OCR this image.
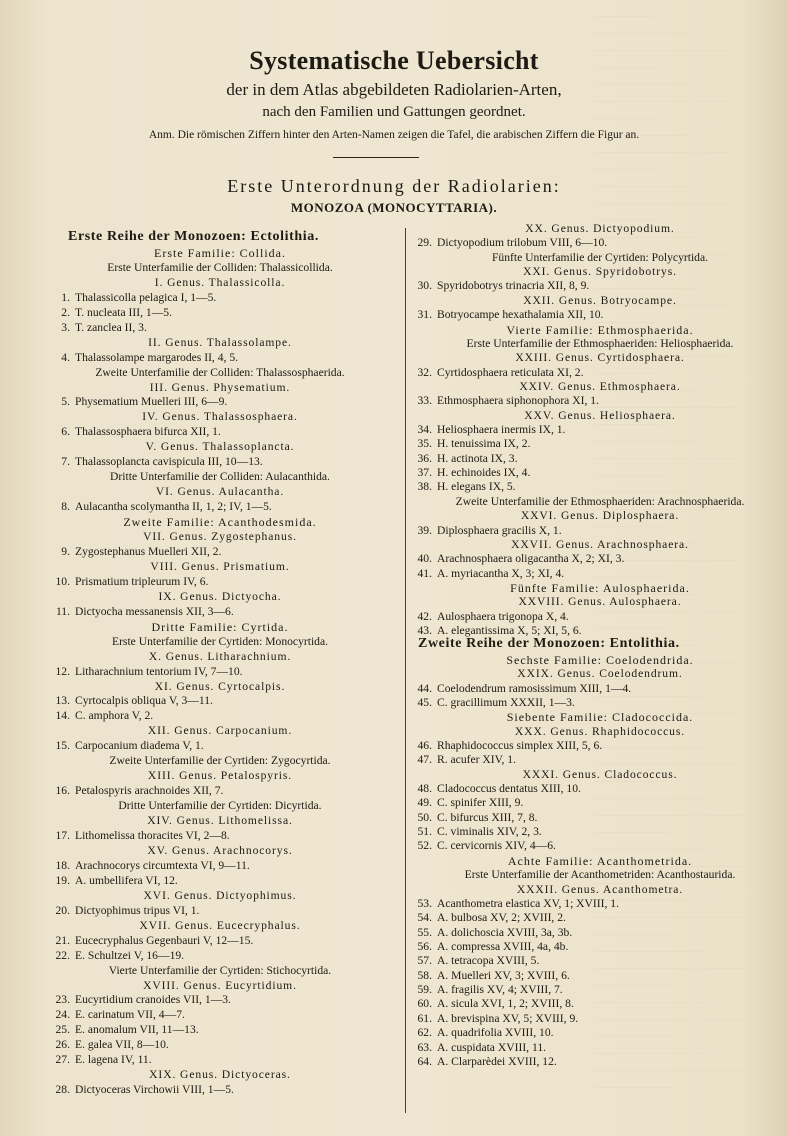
Systematische Uebersicht
der in dem Atlas abgebildeten Radiolarien-Arten,
nach den Familien und Gattungen geordnet.
Anm. Die römischen Ziffern hinter den Arten-Namen zeigen die Tafel, die arabischen Ziffern die Figur an.
Erste Unterordnung der Radiolarien:
MONOZOA (MONOCYTTARIA).
Erste Reihe der Monozoen: Ectolithia.
Erste Familie: Collida.
Erste Unterfamilie der Colliden: Thalassicollida.
I. Genus. Thalassicolla.
1. Thalassicolla pelagica I, 1—5.
2. T. nucleata III, 1—5.
3. T. zanclea II, 3.
II. Genus. Thalassolampe.
4. Thalassolampe margarodes II, 4, 5.
Zweite Unterfamilie der Colliden: Thalassosphaerida.
III. Genus. Physematium.
5. Physematium Muelleri III, 6—9.
IV. Genus. Thalassosphaera.
6. Thalassosphaera bifurca XII, 1.
V. Genus. Thalassoplancta.
7. Thalassoplancta cavispicula III, 10—13.
Dritte Unterfamilie der Colliden: Aulacanthida.
VI. Genus. Aulacantha.
8. Aulacantha scolymantha II, 1, 2; IV, 1—5.
Zweite Familie: Acanthodesmida.
VII. Genus. Zygostephanus.
9. Zygostephanus Muelleri XII, 2.
VIII. Genus. Prismatium.
10. Prismatium tripleurum IV, 6.
IX. Genus. Dictyocha.
11. Dictyocha messanensis XII, 3—6.
Dritte Familie: Cyrtida.
Erste Unterfamilie der Cyrtiden: Monocyrtida.
X. Genus. Litharachnium.
12. Litharachnium tentorium IV, 7—10.
XI. Genus. Cyrtocalpis.
13. Cyrtocalpis obliqua V, 3—11.
14. C. amphora V, 2.
XII. Genus. Carpocanium.
15. Carpocanium diadema V, 1.
Zweite Unterfamilie der Cyrtiden: Zygocyrtida.
XIII. Genus. Petalospyris.
16. Petalospyris arachnoides XII, 7.
Dritte Unterfamilie der Cyrtiden: Dicyrtida.
XIV. Genus. Lithomelissa.
17. Lithomelissa thoracites VI, 2—8.
XV. Genus. Arachnocorys.
18. Arachnocorys circumtexta VI, 9—11.
19. A. umbellifera VI, 12.
XVI. Genus. Dictyophimus.
20. Dictyophimus tripus VI, 1.
XVII. Genus. Eucecryphalus.
21. Eucecryphalus Gegenbauri V, 12—15.
22. E. Schultzei V, 16—19.
Vierte Unterfamilie der Cyrtiden: Stichocyrtida.
XVIII. Genus. Eucyrtidium.
23. Eucyrtidium cranoides VII, 1—3.
24. E. carinatum VII, 4—7.
25. E. anomalum VII, 11—13.
26. E. galea VII, 8—10.
27. E. lagena IV, 11.
XIX. Genus. Dictyoceras.
28. Dictyoceras Virchowii VIII, 1—5.
XX. Genus. Dictyopodium.
29. Dictyopodium trilobum VIII, 6—10.
Fünfte Unterfamilie der Cyrtiden: Polycyrtida.
XXI. Genus. Spyridobotrys.
30. Spyridobotrys trinacria XII, 8, 9.
XXII. Genus. Botryocampe.
31. Botryocampe hexathalamia XII, 10.
Vierte Familie: Ethmosphaerida.
Erste Unterfamilie der Ethmosphaeriden: Heliosphaerida.
XXIII. Genus. Cyrtidosphaera.
32. Cyrtidosphaera reticulata XI, 2.
XXIV. Genus. Ethmosphaera.
33. Ethmosphaera siphonophora XI, 1.
XXV. Genus. Heliosphaera.
34. Heliosphaera inermis IX, 1.
35. H. tenuissima IX, 2.
36. H. actinota IX, 3.
37. H. echinoides IX, 4.
38. H. elegans IX, 5.
Zweite Unterfamilie der Ethmosphaeriden: Arachnosphaerida.
XXVI. Genus. Diplosphaera.
39. Diplosphaera gracilis X, 1.
XXVII. Genus. Arachnosphaera.
40. Arachnosphaera oligacantha X, 2; XI, 3.
41. A. myriacantha X, 3; XI, 4.
Fünfte Familie: Aulosphaerida.
XXVIII. Genus. Aulosphaera.
42. Aulosphaera trigonopa X, 4.
43. A. elegantissima X, 5; XI, 5, 6.
Zweite Reihe der Monozoen: Entolithia.
Sechste Familie: Coelodendrida.
XXIX. Genus. Coelodendrum.
44. Coelodendrum ramosissimum XIII, 1—4.
45. C. gracillimum XXXII, 1—3.
Siebente Familie: Cladococcida.
XXX. Genus. Rhaphidococcus.
46. Rhaphidococcus simplex XIII, 5, 6.
47. R. acufer XIV, 1.
XXXI. Genus. Cladococcus.
48. Cladococcus dentatus XIII, 10.
49. C. spinifer XIII, 9.
50. C. bifurcus XIII, 7, 8.
51. C. viminalis XIV, 2, 3.
52. C. cervicornis XIV, 4—6.
Achte Familie: Acanthometrida.
Erste Unterfamilie der Acanthometriden: Acanthostaurida.
XXXII. Genus. Acanthometra.
53. Acanthometra elastica XV, 1; XVIII, 1.
54. A. bulbosa XV, 2; XVIII, 2.
55. A. dolichoscia XVIII, 3a, 3b.
56. A. compressa XVIII, 4a, 4b.
57. A. tetracopa XVIII, 5.
58. A. Muelleri XV, 3; XVIII, 6.
59. A. fragilis XV, 4; XVIII, 7.
60. A. sicula XVI, 1, 2; XVIII, 8.
61. A. brevispina XV, 5; XVIII, 9.
62. A. quadrifolia XVIII, 10.
63. A. cuspidata XVIII, 11.
64. A. Clarparèdei XVIII, 12.
